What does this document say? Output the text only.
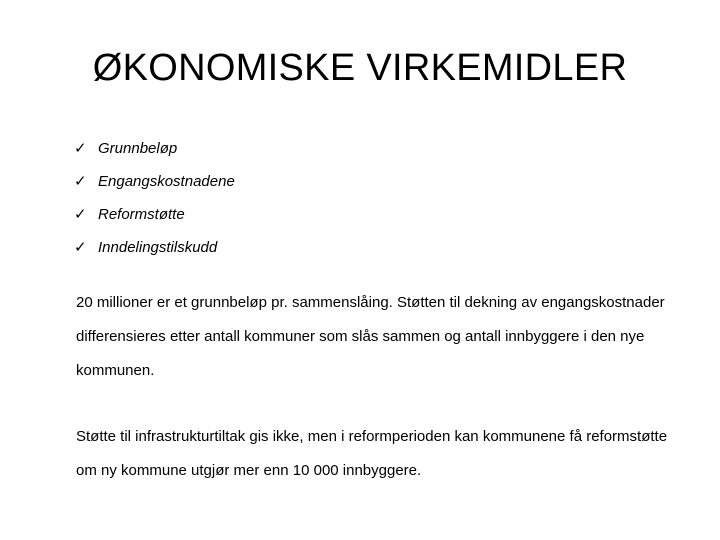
ØKONOMISKE VIRKEMIDLER
✓ Grunnbeløp
✓ Engangskostnadene
✓ Reformstøtte
✓ Inndelingstilskudd

20 millioner er et grunnbeløp pr. sammenslåing. Støtten til dekning av engangskostnader differensieres etter antall kommuner som slås sammen og antall innbyggere i den nye kommunen.

Støtte til infrastrukturtiltak gis ikke, men i reformperioden kan kommunene få reformstøtte om ny kommune utgjør mer enn 10 000 innbyggere.
